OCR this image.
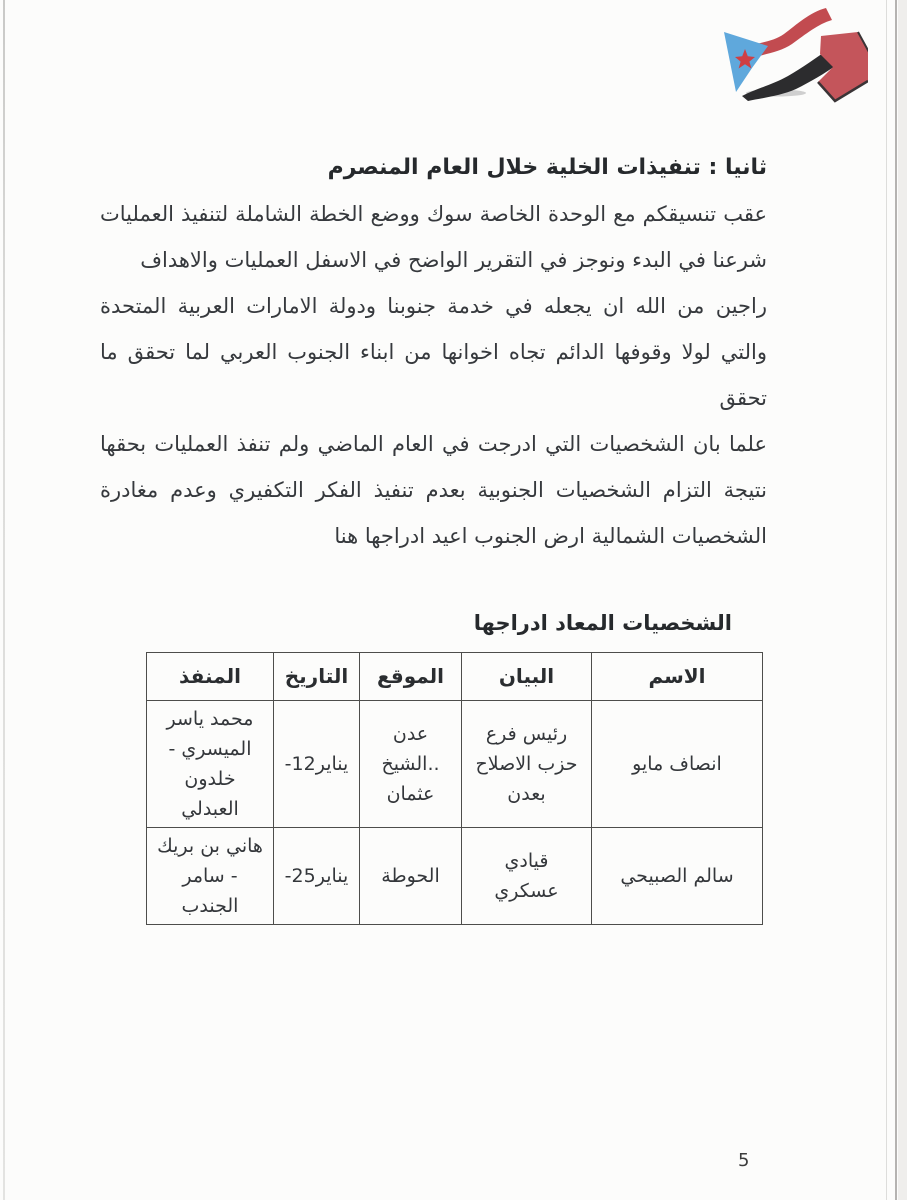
ثانيا : تنفيذات الخلية خلال العام المنصرم

عقب تنسيقكم مع الوحدة الخاصة سوك ووضع الخطة الشاملة لتنفيذ العمليات شرعنا في البدء ونوجز في التقرير الواضح في الاسفل العمليات والاهداف

راجين من الله ان يجعله في خدمة جنوبنا ودولة الامارات العربية المتحدة والتي لولا وقوفها الدائم تجاه اخوانها من ابناء الجنوب العربي لما تحقق ما تحقق

علما بان الشخصيات التي ادرجت في العام الماضي ولم تنفذ العمليات بحقها نتيجة التزام الشخصيات الجنوبية بعدم تنفيذ الفكر التكفيري وعدم مغادرة الشخصيات الشمالية ارض الجنوب اعيد ادراجها هنا

الشخصيات المعاد ادراجها
الاسم	البيان	الموقع	التاريخ	المنفذ
انصاف مايو	رئيس فرع حزب الاصلاح بعدن	عدن ..الشيخ عثمان	-12يناير	محمد ياسر الميسري - خلدون العبدلي
سالم الصبيحي	قيادي عسكري	الحوطة	-25يناير	هاني بن بريك - سامر الجندب
5
